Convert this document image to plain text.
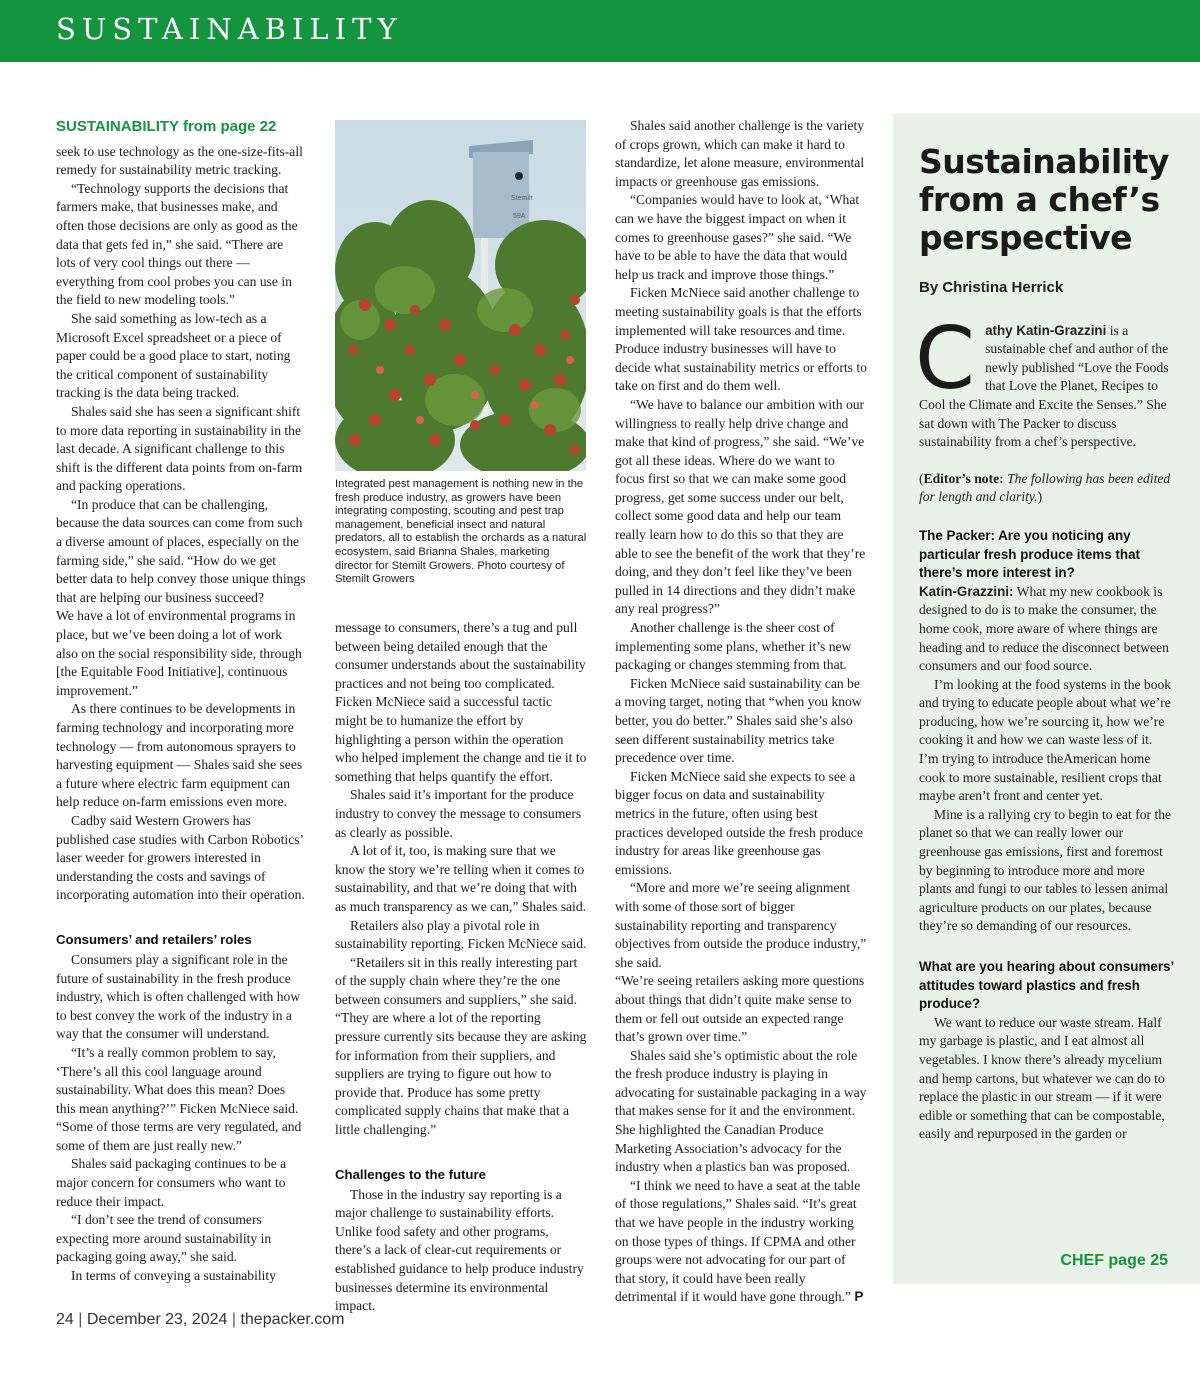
SUSTAINABILITY
SUSTAINABILITY from page 22

seek to use technology as the one-size-fits-all remedy for sustainability metric tracking.

“Technology supports the decisions that farmers make, that businesses make, and often those decisions are only as good as the data that gets fed in,” she said. “There are lots of very cool things out there — everything from cool probes you can use in the field to new modeling tools.”

She said something as low-tech as a Microsoft Excel spreadsheet or a piece of paper could be a good place to start, noting the critical component of sustainability tracking is the data being tracked.

Shales said she has seen a significant shift to more data reporting in sustainability in the last decade. A significant challenge to this shift is the different data points from on-farm and packing operations.

“In produce that can be challenging, because the data sources can come from such a diverse amount of places, especially on the farming side,” she said. “How do we get better data to help convey those unique things that are helping our business succeed?

We have a lot of environmental programs in place, but we’ve been doing a lot of work also on the social responsibility side, through [the Equitable Food Initiative], continuous improvement.”

As there continues to be developments in farming technology and incorporating more technology — from autonomous sprayers to harvesting equipment — Shales said she sees a future where electric farm equipment can help reduce on-farm emissions even more.

Cadby said Western Growers has published case studies with Carbon Robotics’ laser weeder for growers interested in understanding the costs and savings of incorporating automation into their operation.

Consumers’ and retailers’ roles

Consumers play a significant role in the future of sustainability in the fresh produce industry, which is often challenged with how to best convey the work of the industry in a way that the consumer will understand.

“It’s a really common problem to say, ‘There’s all this cool language around sustainability. What does this mean? Does this mean anything?’” Ficken McNiece said.

“Some of those terms are very regulated, and some of them are just really new.”

Shales said packaging continues to be a major concern for consumers who want to reduce their impact.

“I don’t see the trend of consumers expecting more around sustainability in packaging going away,” she said.

In terms of conveying a sustainability

Stemilt
59A
Integrated pest management is nothing new in the fresh produce industry, as growers have been integrating composting, scouting and pest trap management, beneficial insect and natural predators, all to establish the orchards as a natural ecosystem, said Brianna Shales, marketing director for Stemilt Growers. Photo courtesy of Stemilt Growers

message to consumers, there’s a tug and pull between being detailed enough that the consumer understands about the sustainability practices and not being too complicated.

Ficken McNiece said a successful tactic might be to humanize the effort by highlighting a person within the operation who helped implement the change and tie it to something that helps quantify the effort.

Shales said it’s important for the produce industry to convey the message to consumers as clearly as possible.

A lot of it, too, is making sure that we know the story we’re telling when it comes to sustainability, and that we’re doing that with as much transparency as we can,” Shales said.

Retailers also play a pivotal role in sustainability reporting, Ficken McNiece said.

“Retailers sit in this really interesting part of the supply chain where they’re the one between consumers and suppliers,” she said. “They are where a lot of the reporting pressure currently sits because they are asking for information from their suppliers, and suppliers are trying to figure out how to provide that. Produce has some pretty complicated supply chains that make that a little challenging.”

Challenges to the future

Those in the industry say reporting is a major challenge to sustainability efforts. Unlike food safety and other programs, there’s a lack of clear-cut requirements or established guidance to help produce industry businesses determine its environmental impact.

Shales said another challenge is the variety of crops grown, which can make it hard to standardize, let alone measure, environmental impacts or greenhouse gas emissions.

“Companies would have to look at, ‘What can we have the biggest impact on when it comes to greenhouse gases?” she said. “We have to be able to have the data that would help us track and improve those things.”

Ficken McNiece said another challenge to meeting sustainability goals is that the efforts implemented will take resources and time. Produce industry businesses will have to decide what sustainability metrics or efforts to take on first and do them well.

“We have to balance our ambition with our willingness to really help drive change and make that kind of progress,” she said. “We’ve got all these ideas. Where do we want to focus first so that we can make some good progress, get some success under our belt, collect some good data and help our team really learn how to do this so that they are able to see the benefit of the work that they’re doing, and they don’t feel like they’ve been pulled in 14 directions and they didn’t make any real progress?”

Another challenge is the sheer cost of implementing some plans, whether it’s new packaging or changes stemming from that.

Ficken McNiece said sustainability can be a moving target, noting that “when you know better, you do better.” Shales said she’s also seen different sustainability metrics take precedence over time.

Ficken McNiece said she expects to see a bigger focus on data and sustainability metrics in the future, often using best practices developed outside the fresh produce industry for areas like greenhouse gas emissions.

“More and more we’re seeing alignment with some of those sort of bigger sustainability reporting and transparency objectives from outside the produce industry,” she said.

“We’re seeing retailers asking more questions about things that didn’t quite make sense to them or fell out outside an expected range that’s grown over time.”

Shales said she’s optimistic about the role the fresh produce industry is playing in advocating for sustainable packaging in a way that makes sense for it and the environment. She highlighted the Canadian Produce Marketing Association’s advocacy for the industry when a plastics ban was proposed.

“I think we need to have a seat at the table of those regulations,” Shales said. “It’s great that we have people in the industry working on those types of things. If CPMA and other groups were not advocating for our part of that story, it could have been really detrimental if it would have gone through.” P

Sustainability from a chef’s perspective
By Christina Herrick
C athy Katin-Grazzini is a sustainable chef and author of the newly published “Love the Foods that Love the Planet, Recipes to Cool the Climate and Excite the Senses.” She sat down with The Packer to discuss sustainability from a chef’s perspective.

(Editor’s note: The following has been edited for length and clarity.)

The Packer: Are you noticing any particular fresh produce items that there’s more interest in?

Katin-Grazzini: What my new cookbook is designed to do is to make the consumer, the home cook, more aware of where things are heading and to reduce the disconnect between consumers and our food source.

I’m looking at the food systems in the book and trying to educate people about what we’re producing, how we’re sourcing it, how we’re cooking it and how we can waste less of it. I’m trying to introduce theAmerican home cook to more sustainable, resilient crops that maybe aren’t front and center yet.

Mine is a rallying cry to begin to eat for the planet so that we can really lower our greenhouse gas emissions, first and foremost by beginning to introduce more and more plants and fungi to our tables to lessen animal agriculture products on our plates, because they’re so demanding of our resources.

What are you hearing about consumers’ attitudes toward plastics and fresh produce?

We want to reduce our waste stream. Half my garbage is plastic, and I eat almost all vegetables. I know there’s already mycelium and hemp cartons, but whatever we can do to replace the plastic in our stream — if it were edible or something that can be compostable, easily and repurposed in the garden or

CHEF page 25
24 | December 23, 2024 | thepacker.com
